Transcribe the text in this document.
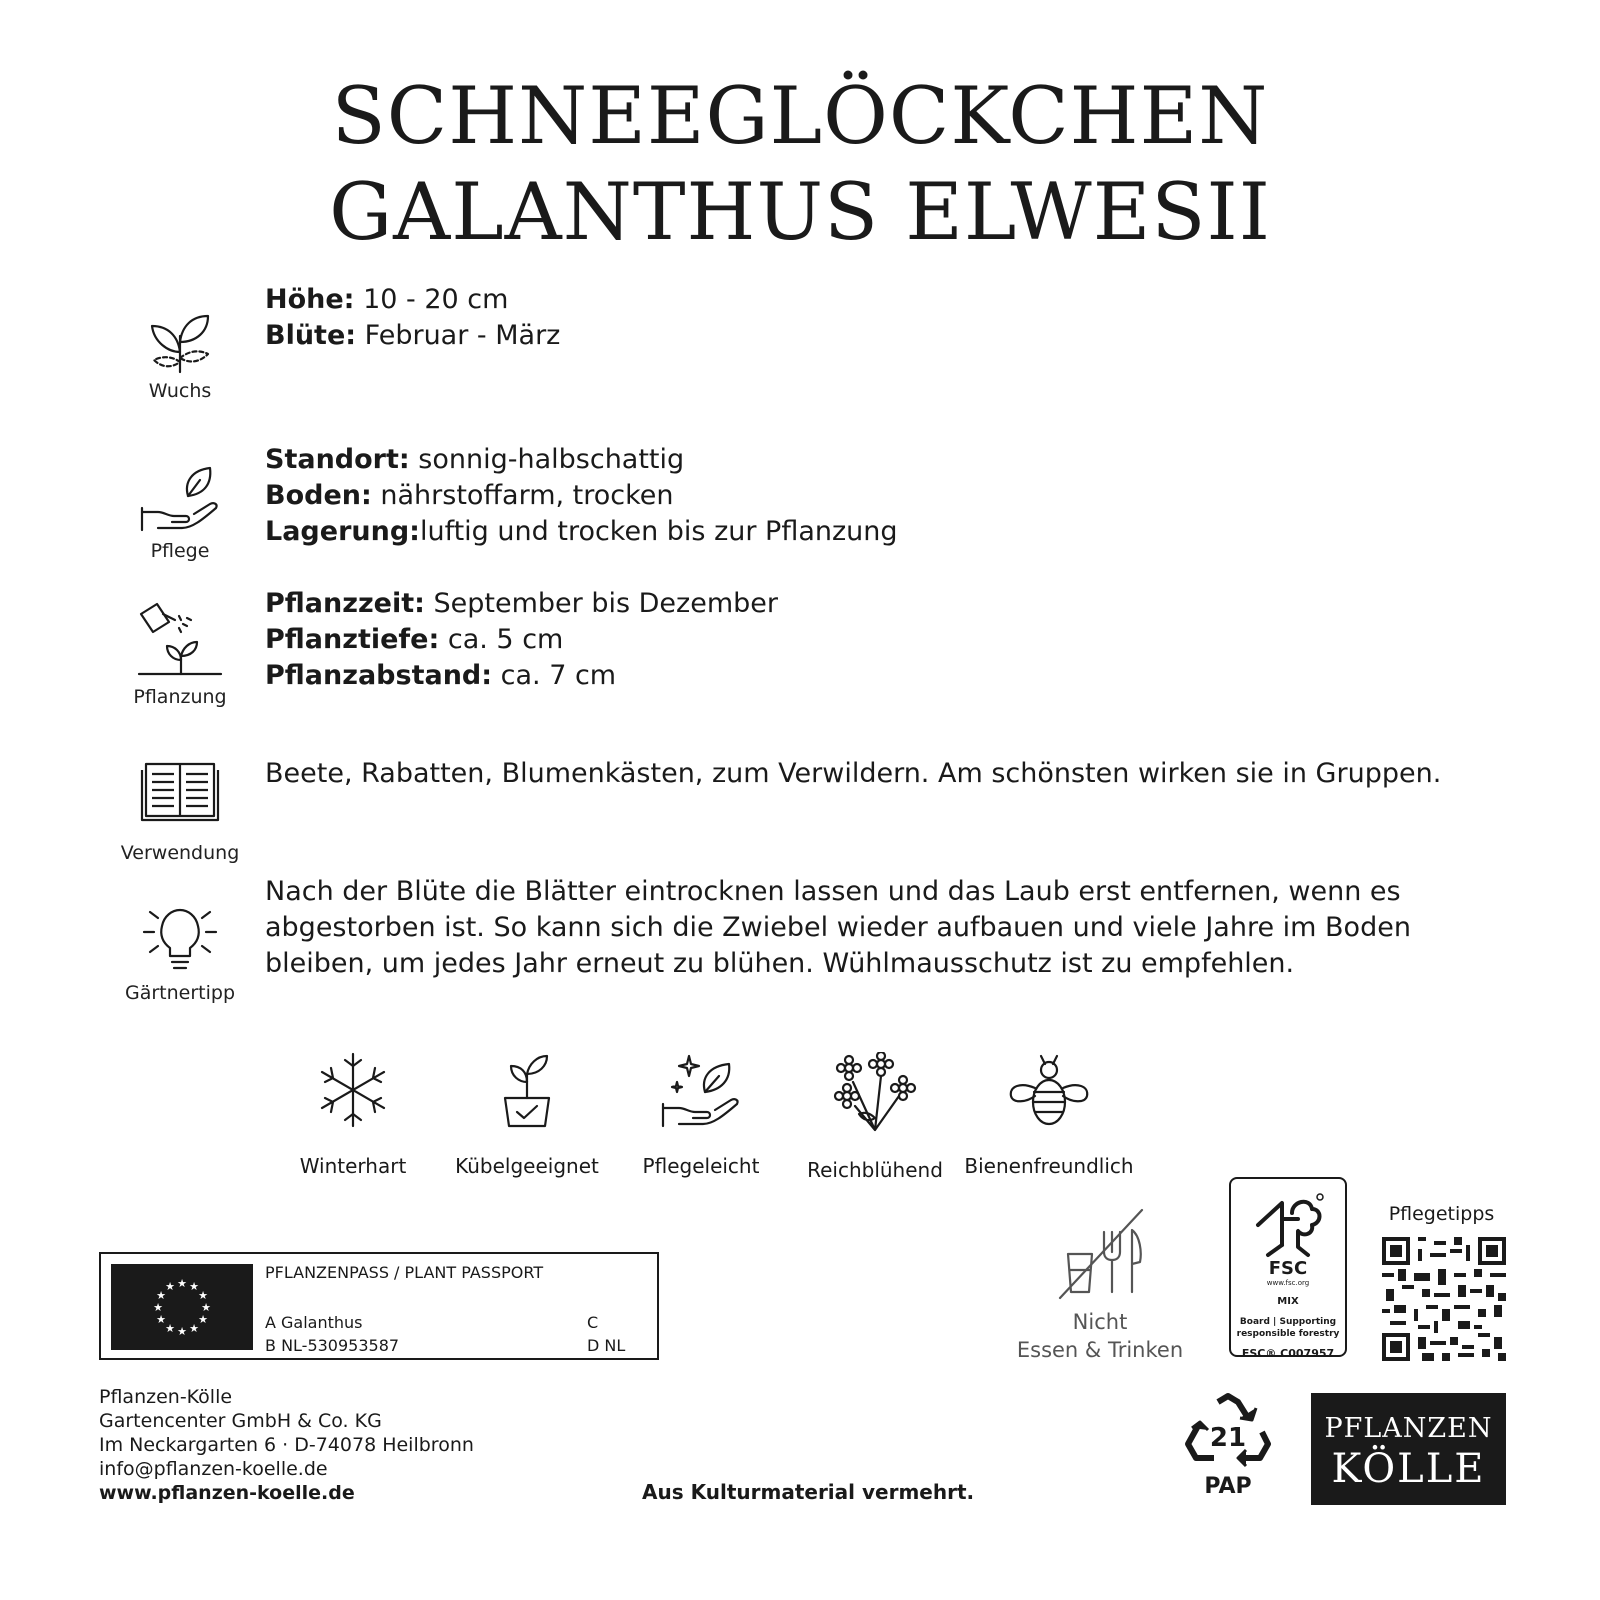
SCHNEEGLÖCKCHEN
GALANTHUS ELWESII
Wuchs
Höhe: 10 - 20 cm
Blüte: Februar - März
Pflege
Standort: sonnig-halbschattig
Boden: nährstoffarm, trocken
Lagerung:luftig und trocken bis zur Pflanzung
Pflanzung
Pflanzzeit: September bis Dezember
Pflanztiefe: ca. 5 cm
Pflanzabstand: ca. 7 cm
Verwendung
Beete, Rabatten, Blumenkästen, zum Verwildern. Am schönsten wirken sie in Gruppen.
Gärtnertipp
Nach der Blüte die Blätter eintrocknen lassen und das Laub erst entfernen, wenn es
abgestorben ist. So kann sich die Zwiebel wieder aufbauen und viele Jahre im Boden
bleiben, um jedes Jahr erneut zu blühen. Wühlmausschutz ist zu empfehlen.
Winterhart	Kübelgeeignet	Pflegeleicht	Reichblühend	Bienenfreundlich
★ ★
★
★
★
★
★
★
★
★
★
★
PFLANZENPASS / PLANT PASSPORT
A Galanthus
B NL-530953587
C
D NL
Pflanzen-Kölle
Gartencenter GmbH & Co. KG
Im Neckargarten 6 · D-74078 Heilbronn
info@pflanzen-koelle.de
www.pflanzen-koelle.de	Aus Kulturmaterial vermehrt.
Nicht
Essen & Trinken
FSC
www.fsc.org
MIX
Board | Supporting
responsible forestry
FSC® C007957
Pflegetipps
21
PAP
PFLANZEN
KÖLLE
